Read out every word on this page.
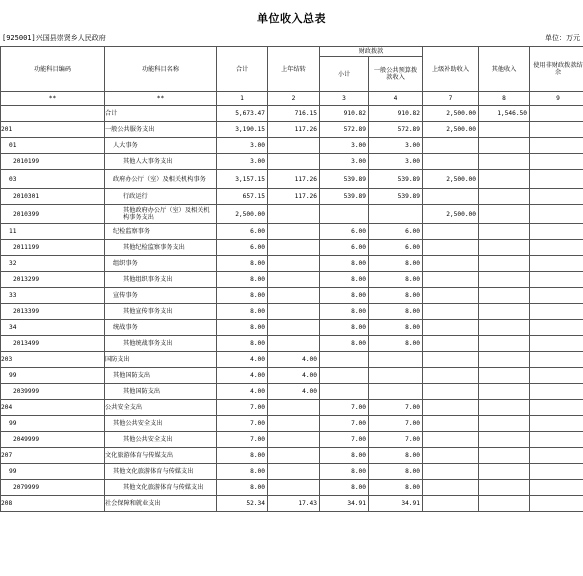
单位收入总表
[925001]兴国县崇贤乡人民政府	单位：万元
功能科目编码	功能科目名称	合计	上年结转	财政拨款		上级补助收入	其他收入	使用非财政拨款结余
				小计	一般公共预算拨款收入			
**	**	1	2	3	4	7	8	9
	合计	5,673.47	716.15	910.82	910.82	2,500.00	1,546.50	
201	一般公共服务支出	3,190.15	117.26	572.89	572.89	2,500.00		
01	人大事务	3.00		3.00	3.00			
2010199	其他人大事务支出	3.00		3.00	3.00			
03	政府办公厅（室）及相关机构事务	3,157.15	117.26	539.89	539.89	2,500.00		
2010301	行政运行	657.15	117.26	539.89	539.89			
2010399	其他政府办公厅（室）及相关机构事务支出	2,500.00				2,500.00		
11	纪检监察事务	6.00		6.00	6.00			
2011199	其他纪检监察事务支出	6.00		6.00	6.00			
32	组织事务	8.00		8.00	8.00			
2013299	其他组织事务支出	8.00		8.00	8.00			
33	宣传事务	8.00		8.00	8.00			
2013399	其他宣传事务支出	8.00		8.00	8.00			
34	统战事务	8.00		8.00	8.00			
2013499	其他统战事务支出	8.00		8.00	8.00			
203	国防支出	4.00	4.00					
99	其他国防支出	4.00	4.00					
2039999	其他国防支出	4.00	4.00					
204	公共安全支出	7.00		7.00	7.00			
99	其他公共安全支出	7.00		7.00	7.00			
2049999	其他公共安全支出	7.00		7.00	7.00			
207	文化旅游体育与传媒支出	8.00		8.00	8.00			
99	其他文化旅游体育与传媒支出	8.00		8.00	8.00			
2079999	其他文化旅游体育与传媒支出	8.00		8.00	8.00			
208	社会保障和就业支出	52.34	17.43	34.91	34.91			
